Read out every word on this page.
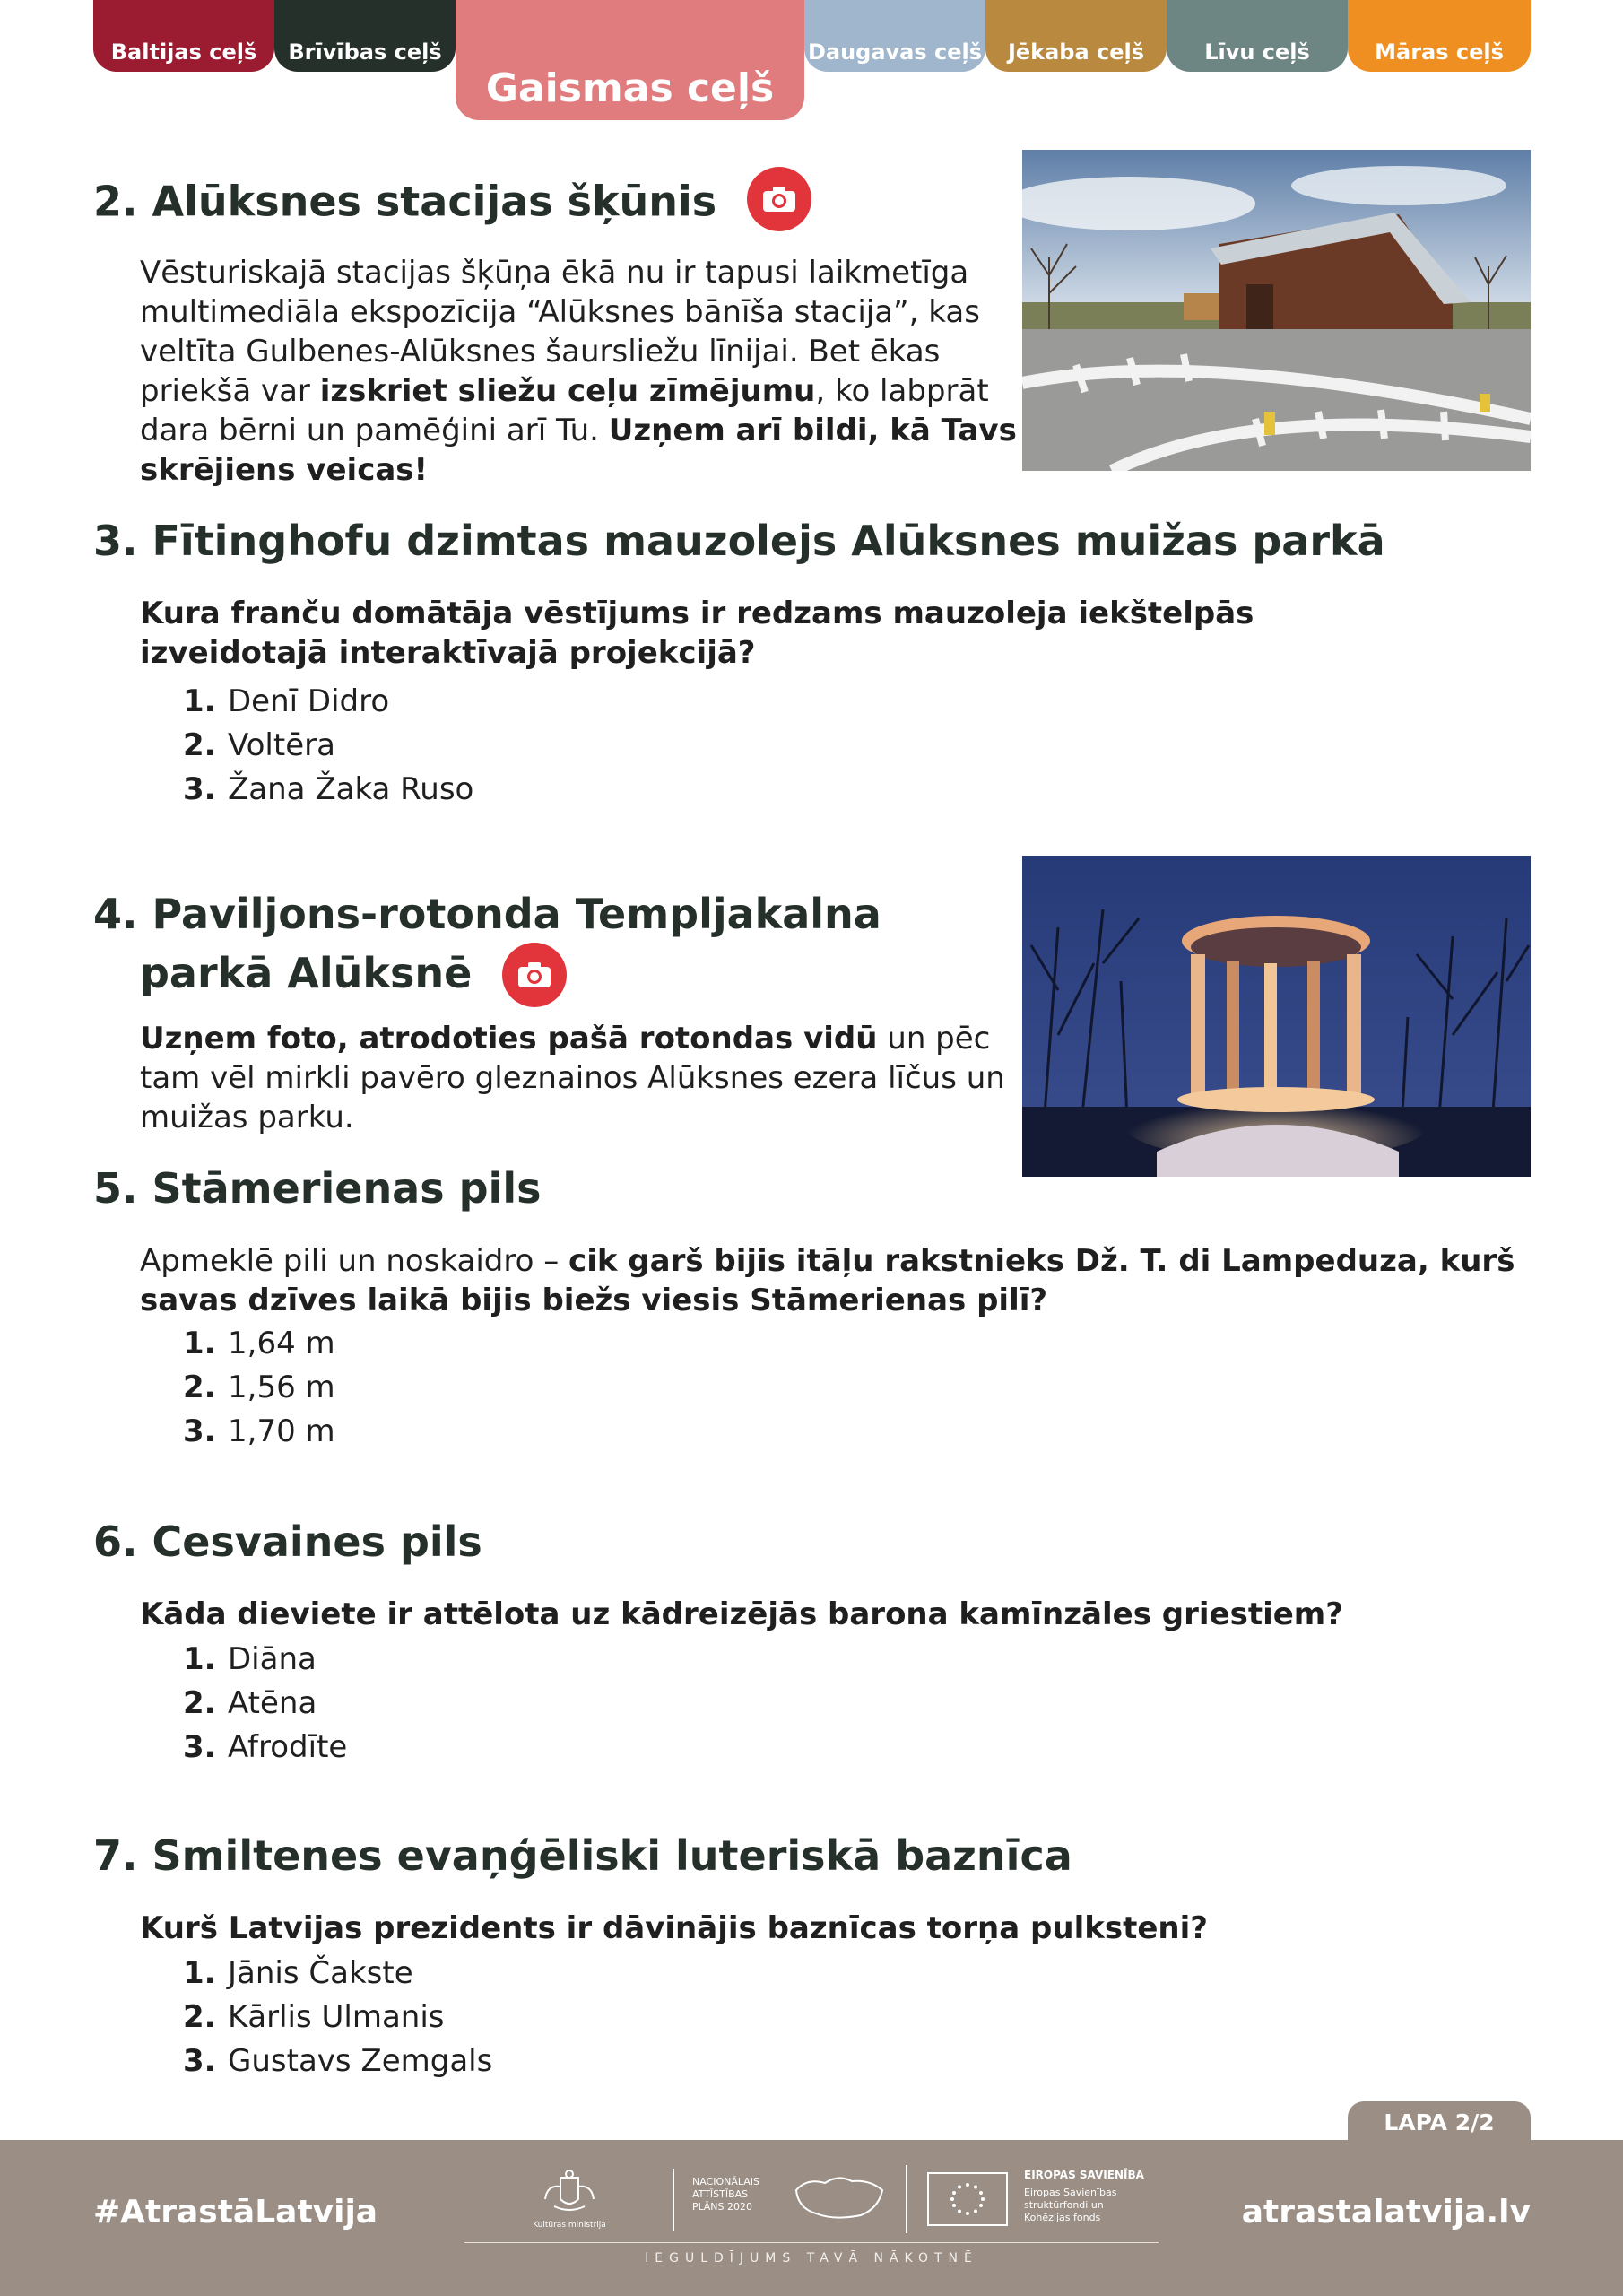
Baltijas ceļš	Brīvības ceļš
Gaismas ceļš
Daugavas ceļš	Jēkaba ceļš	Līvu ceļš	Māras ceļš
2. Alūksnes stacijas šķūnis

Vēsturiskajā stacijas šķūņa ēkā nu ir tapusi laikmetīga multimediāla ekspozīcija “Alūksnes bānīša stacija”, kas veltīta Gulbenes-Alūksnes šaursliežu līnijai. Bet ēkas priekšā var izskriet sliežu ceļu zīmējumu, ko labprāt dara bērni un pamēģini arī Tu. Uzņem arī bildi, kā Tavs skrējiens veicas!

3. Fītinghofu dzimtas mauzolejs Alūksnes muižas parkā

Kura franču domātāja vēstījums ir redzams mauzoleja iekštelpās izveidotajā interaktīvajā projekcijā?

1. Denī Didro
2. Voltēra
3. Žana Žaka Ruso
4. Paviljons-rotonda Templjakalna
parkā Alūksnē

Uzņem foto, atrodoties pašā rotondas vidū un pēc tam vēl mirkli pavēro gleznainos Alūksnes ezera līčus un muižas parku.

5. Stāmerienas pils

Apmeklē pili un noskaidro – cik garš bijis itāļu rakstnieks Dž. T. di Lampeduza, kurš savas dzīves laikā bijis biežs viesis Stāmerienas pilī?

1. 1,64 m
2. 1,56 m
3. 1,70 m
6. Cesvaines pils

Kāda dieviete ir attēlota uz kādreizējās barona kamīnzāles griestiem?

1. Diāna
2. Atēna
3. Afrodīte
7. Smiltenes evaņģēliski luteriskā baznīca

Kurš Latvijas prezidents ir dāvinājis baznīcas torņa pulksteni?

1. Jānis Čakste
2. Kārlis Ulmanis
3. Gustavs Zemgals
LAPA 2/2
#AtrastāLatvija	atrastalatvija.lv
Kultūras ministrija
NACIONĀLAIS
ATTĪSTĪBAS
PLĀNS 2020
EIROPAS SAVIENĪBA
Eiropas Savienības
struktūrfondi un
Kohēzijas fonds
IEGULDĪJUMS TAVĀ NĀKOTNĒ
